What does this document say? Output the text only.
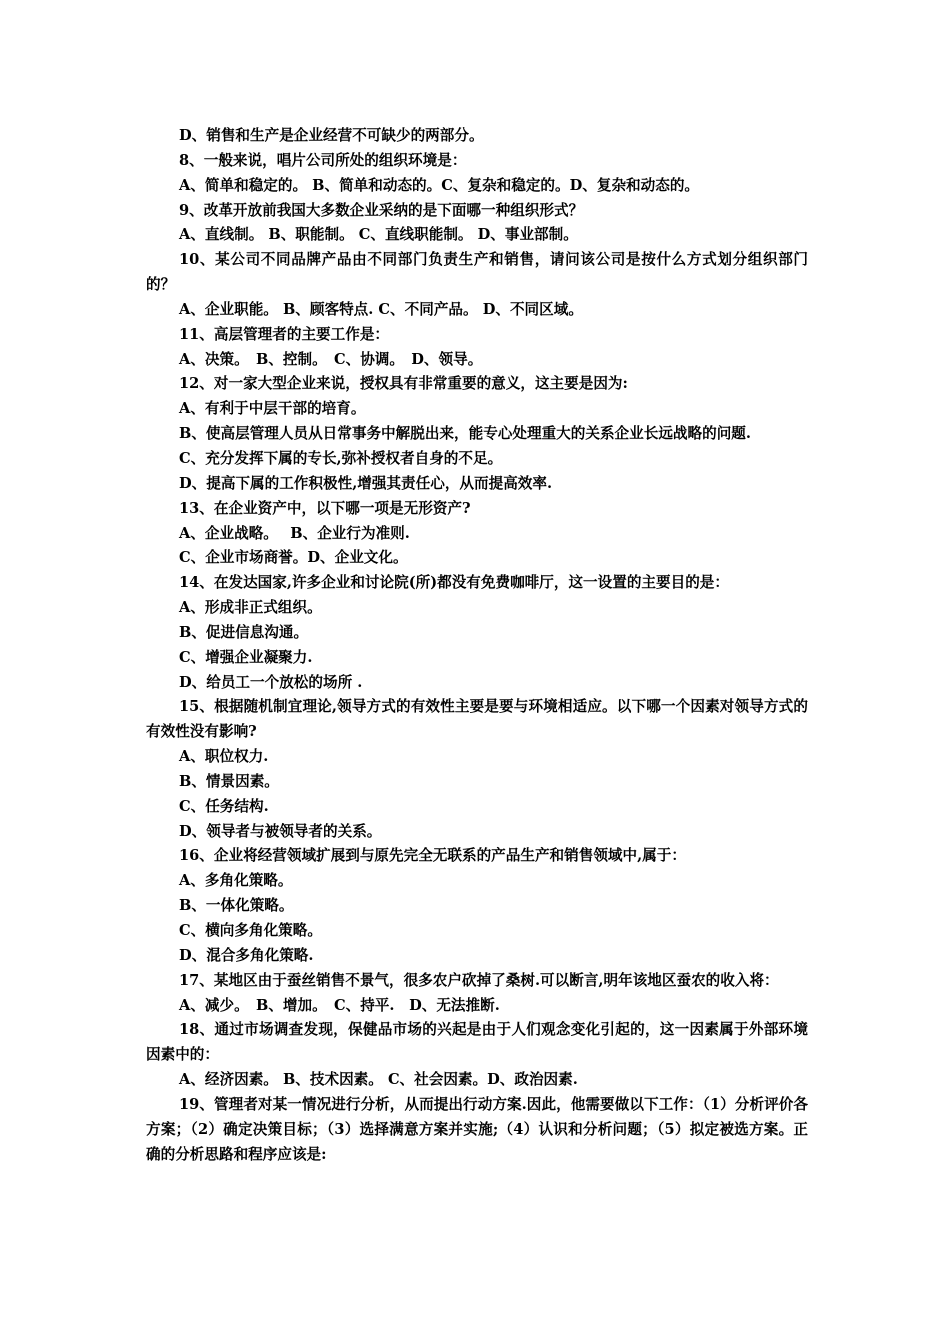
D、销售和生产是企业经营不可缺少的两部分。

8、一般来说，唱片公司所处的组织环境是：

A、简单和稳定的。 B、简单和动态的。C、复杂和稳定的。D、复杂和动态的。

9、改革开放前我国大多数企业采纳的是下面哪一种组织形式？

A、直线制。 B、职能制。 C、直线职能制。 D、事业部制。

10、某公司不同品牌产品由不同部门负责生产和销售，请问该公司是按什么方式划分组织部门的？

A、企业职能。 B、顾客特点. C、不同产品。 D、不同区域。

11、高层管理者的主要工作是：

A、决策。　B、控制。　C、协调。　D、领导。

12、对一家大型企业来说，授权具有非常重要的意义，这主要是因为:

A、有利于中层干部的培育。

B、使高层管理人员从日常事务中解脱出来，能专心处理重大的关系企业长远战略的问题.

C、充分发挥下属的专长,弥补授权者自身的不足。

D、提高下属的工作积极性,增强其责任心，从而提高效率.

13、在企业资产中，以下哪一项是无形资产?

A、企业战略。　 B、企业行为准则.

C、企业市场商誉。D、企业文化。

14、在发达国家,许多企业和讨论院(所)都没有免费咖啡厅，这一设置的主要目的是：

A、形成非正式组织。

B、促进信息沟通。

C、增强企业凝聚力.

D、给员工一个放松的场所 .

15、根据随机制宜理论,领导方式的有效性主要是要与环境相适应。以下哪一个因素对领导方式的有效性没有影响?

A、职位权力.

B、情景因素。

C、任务结构.

D、领导者与被领导者的关系。

16、企业将经营领域扩展到与原先完全无联系的产品生产和销售领域中,属于：

A、多角化策略。

B、一体化策略。

C、横向多角化策略。

D、混合多角化策略.

17、某地区由于蚕丝销售不景气，很多农户砍掉了桑树.可以断言,明年该地区蚕农的收入将：

A、减少。　B、增加。　C、持平.　D、无法推断.

18、通过市场调查发现，保健品市场的兴起是由于人们观念变化引起的，这一因素属于外部环境因素中的：

A、经济因素。 B、技术因素。 C、社会因素。D、政治因素.

19、管理者对某一情况进行分析，从而提出行动方案.因此，他需要做以下工作：（1）分析评价各方案；（2）确定决策目标；（3）选择满意方案并实施;（4）认识和分析问题；（5）拟定被选方案。正确的分析思路和程序应该是:
